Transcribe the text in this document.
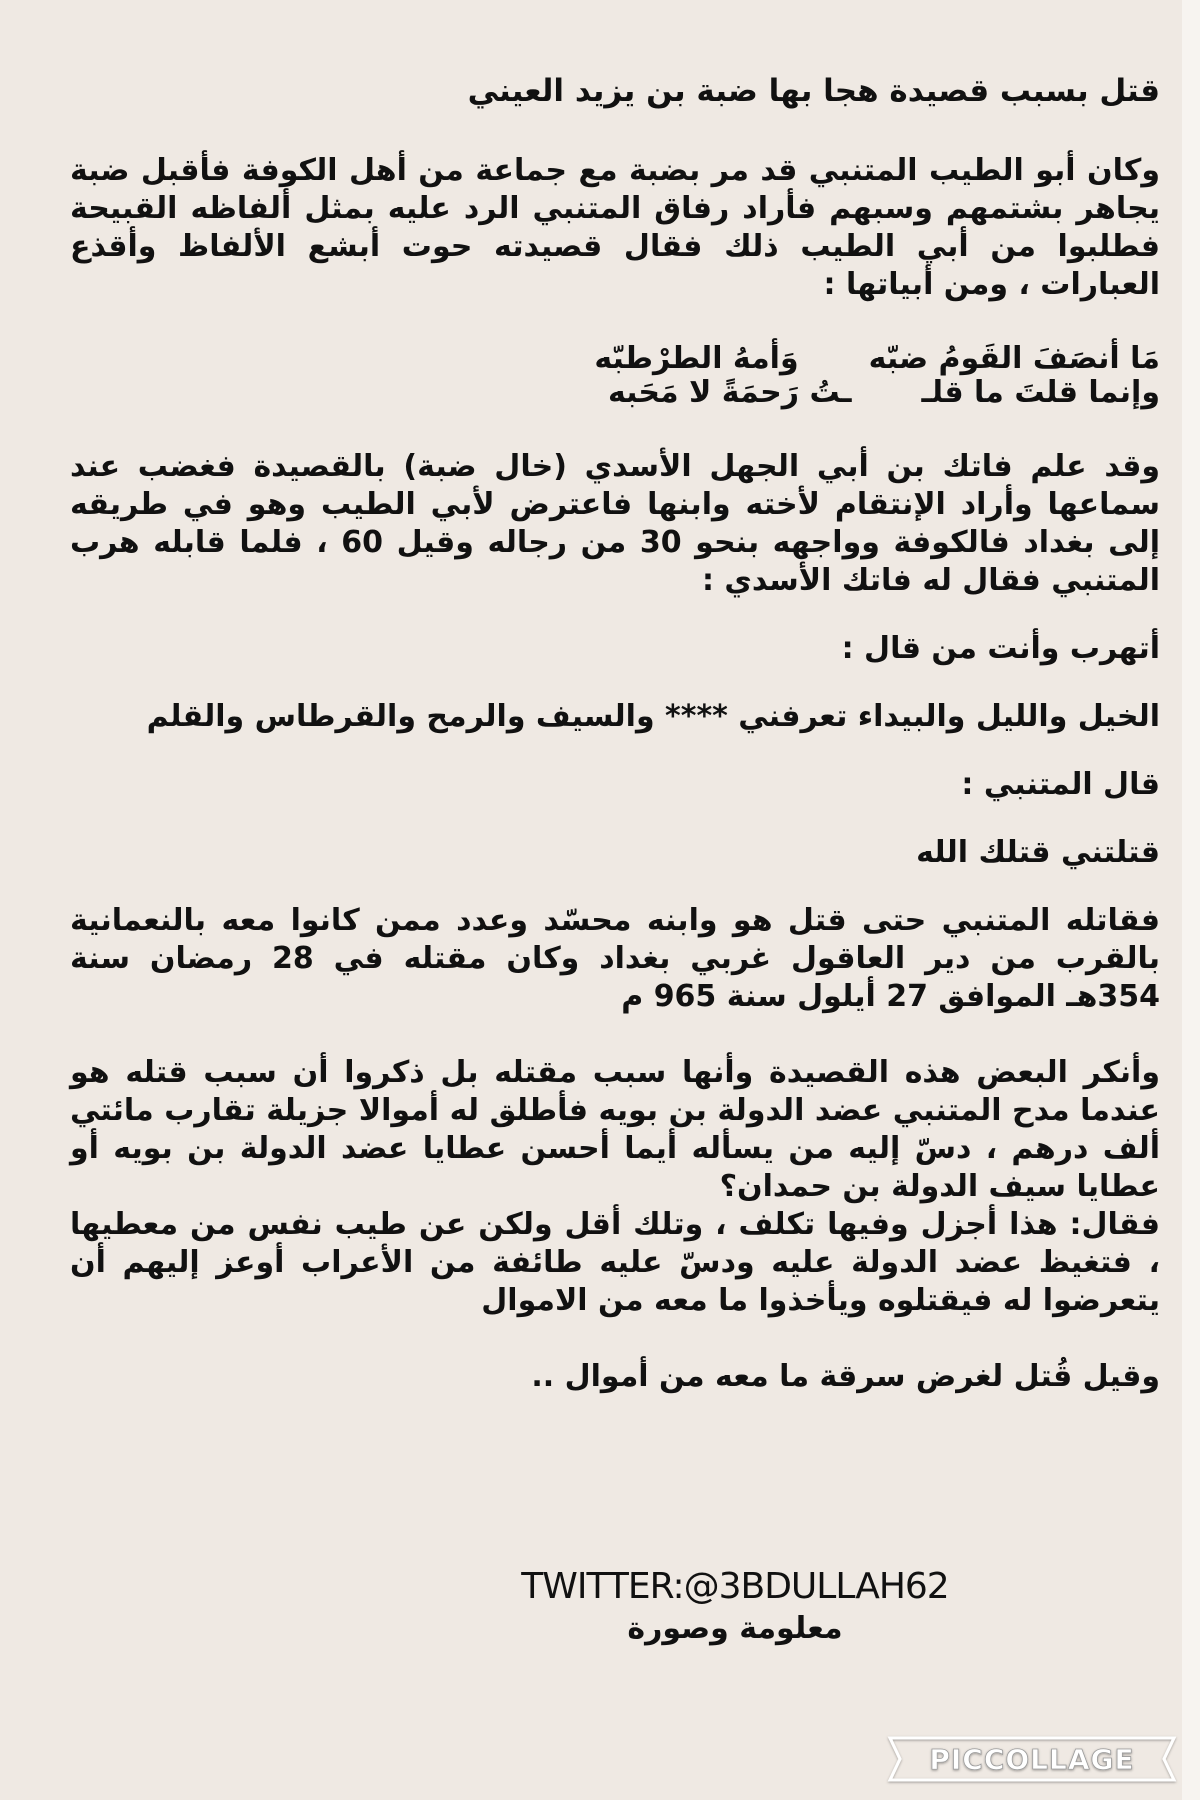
قتل بسبب قصيدة هجا بها ضبة بن يزيد العيني

وكان أبو الطيب المتنبي قد مر بضبة مع جماعة من أهل الكوفة فأقبل ضبة يجاهر بشتمهم وسبهم فأراد رفاق المتنبي الرد عليه بمثل ألفاظه القبيحة فطلبوا من أبي الطيب ذلك فقال قصيدته حوت أبشع الألفاظ وأقذع العبارات ، ومن أبياتها :

مَا أنصَفَ القَومُ ضبّه
وَأمهُ الطرْطبّه
وإنما قلتَ ما قلـ
ـتُ رَحمَةً لا مَحَبه

وقد علم فاتك بن أبي الجهل الأسدي (خال ضبة) بالقصيدة فغضب عند سماعها وأراد الإنتقام لأخته وابنها فاعترض لأبي الطيب وهو في طريقه إلى بغداد فالكوفة وواجهه بنحو 30 من رجاله وقيل 60 ، فلما قابله هرب المتنبي فقال له فاتك الأسدي :

أتهرب وأنت من قال :

الخيل والليل والبيداء تعرفني **** والسيف والرمح والقرطاس والقلم

قال المتنبي :

قتلتني قتلك الله

فقاتله المتنبي حتى قتل هو وابنه محسّد وعدد ممن كانوا معه بالنعمانية بالقرب من دير العاقول غربي بغداد وكان مقتله في 28 رمضان سنة 354هـ الموافق 27 أيلول سنة 965 م

وأنكر البعض هذه القصيدة وأنها سبب مقتله بل ذكروا أن سبب قتله هو عندما مدح المتنبي عضد الدولة بن بويه فأطلق له أموالا جزيلة تقارب مائتي ألف درهم ، دسّ إليه من يسأله أيما أحسن عطايا عضد الدولة بن بويه أو عطايا سيف الدولة بن حمدان؟

فقال: هذا أجزل وفيها تكلف ، وتلك أقل ولكن عن طيب نفس من معطيها ، فتغيظ عضد الدولة عليه ودسّ عليه طائفة من الأعراب أوعز إليهم أن يتعرضوا له فيقتلوه ويأخذوا ما معه من الاموال

وقيل قُتل لغرض سرقة ما معه من أموال ..

TWITTER:@3BDULLAH62
معلومة وصورة
PICCOLLAGE
